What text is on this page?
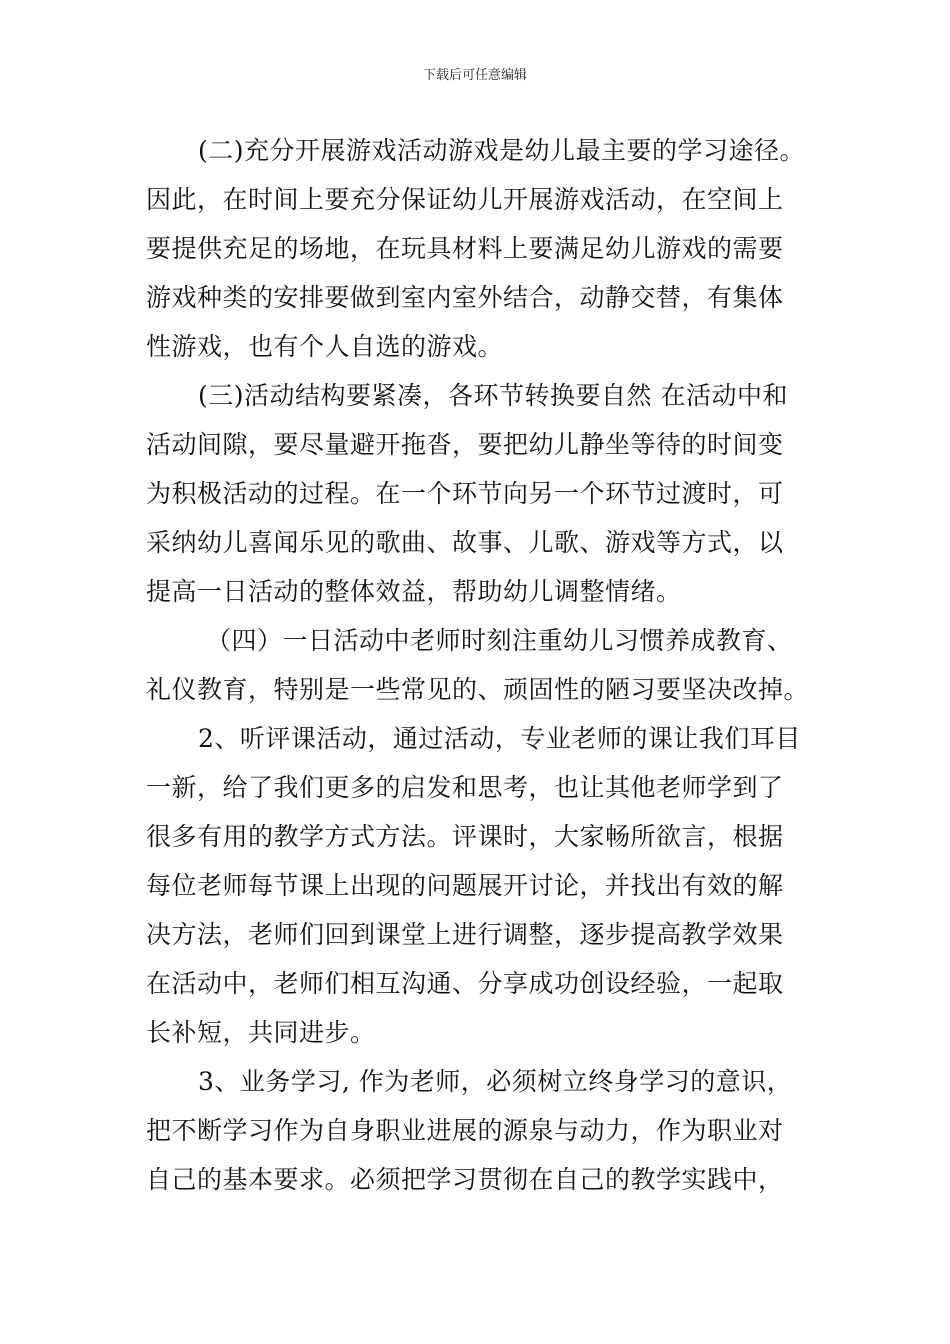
下载后可任意编辑

(二)充分开展游戏活动游戏是幼儿最主要的学习途径。
因此，在时间上要充分保证幼儿开展游戏活动，在空间上
要提供充足的场地，在玩具材料上要满足幼儿游戏的需要
游戏种类的安排要做到室内室外结合，动静交替，有集体
性游戏，也有个人自选的游戏。

(三)活动结构要紧凑，各环节转换要自然 在活动中和
活动间隙，要尽量避开拖沓，要把幼儿静坐等待的时间变
为积极活动的过程。在一个环节向另一个环节过渡时，可
采纳幼儿喜闻乐见的歌曲、故事、儿歌、游戏等方式，以
提高一日活动的整体效益，帮助幼儿调整情绪。

（四）一日活动中老师时刻注重幼儿习惯养成教育、
礼仪教育，特别是一些常见的、顽固性的陋习要坚决改掉。

2、听评课活动，通过活动，专业老师的课让我们耳目
一新，给了我们更多的启发和思考，也让其他老师学到了
很多有用的教学方式方法。评课时，大家畅所欲言，根据
每位老师每节课上出现的问题展开讨论，并找出有效的解
决方法，老师们回到课堂上进行调整，逐步提高教学效果
在活动中，老师们相互沟通、分享成功创设经验，一起取
长补短，共同进步。

3、业务学习, 作为老师，必须树立终身学习的意识，
把不断学习作为自身职业进展的源泉与动力，作为职业对
自己的基本要求。必须把学习贯彻在自己的教学实践中，
